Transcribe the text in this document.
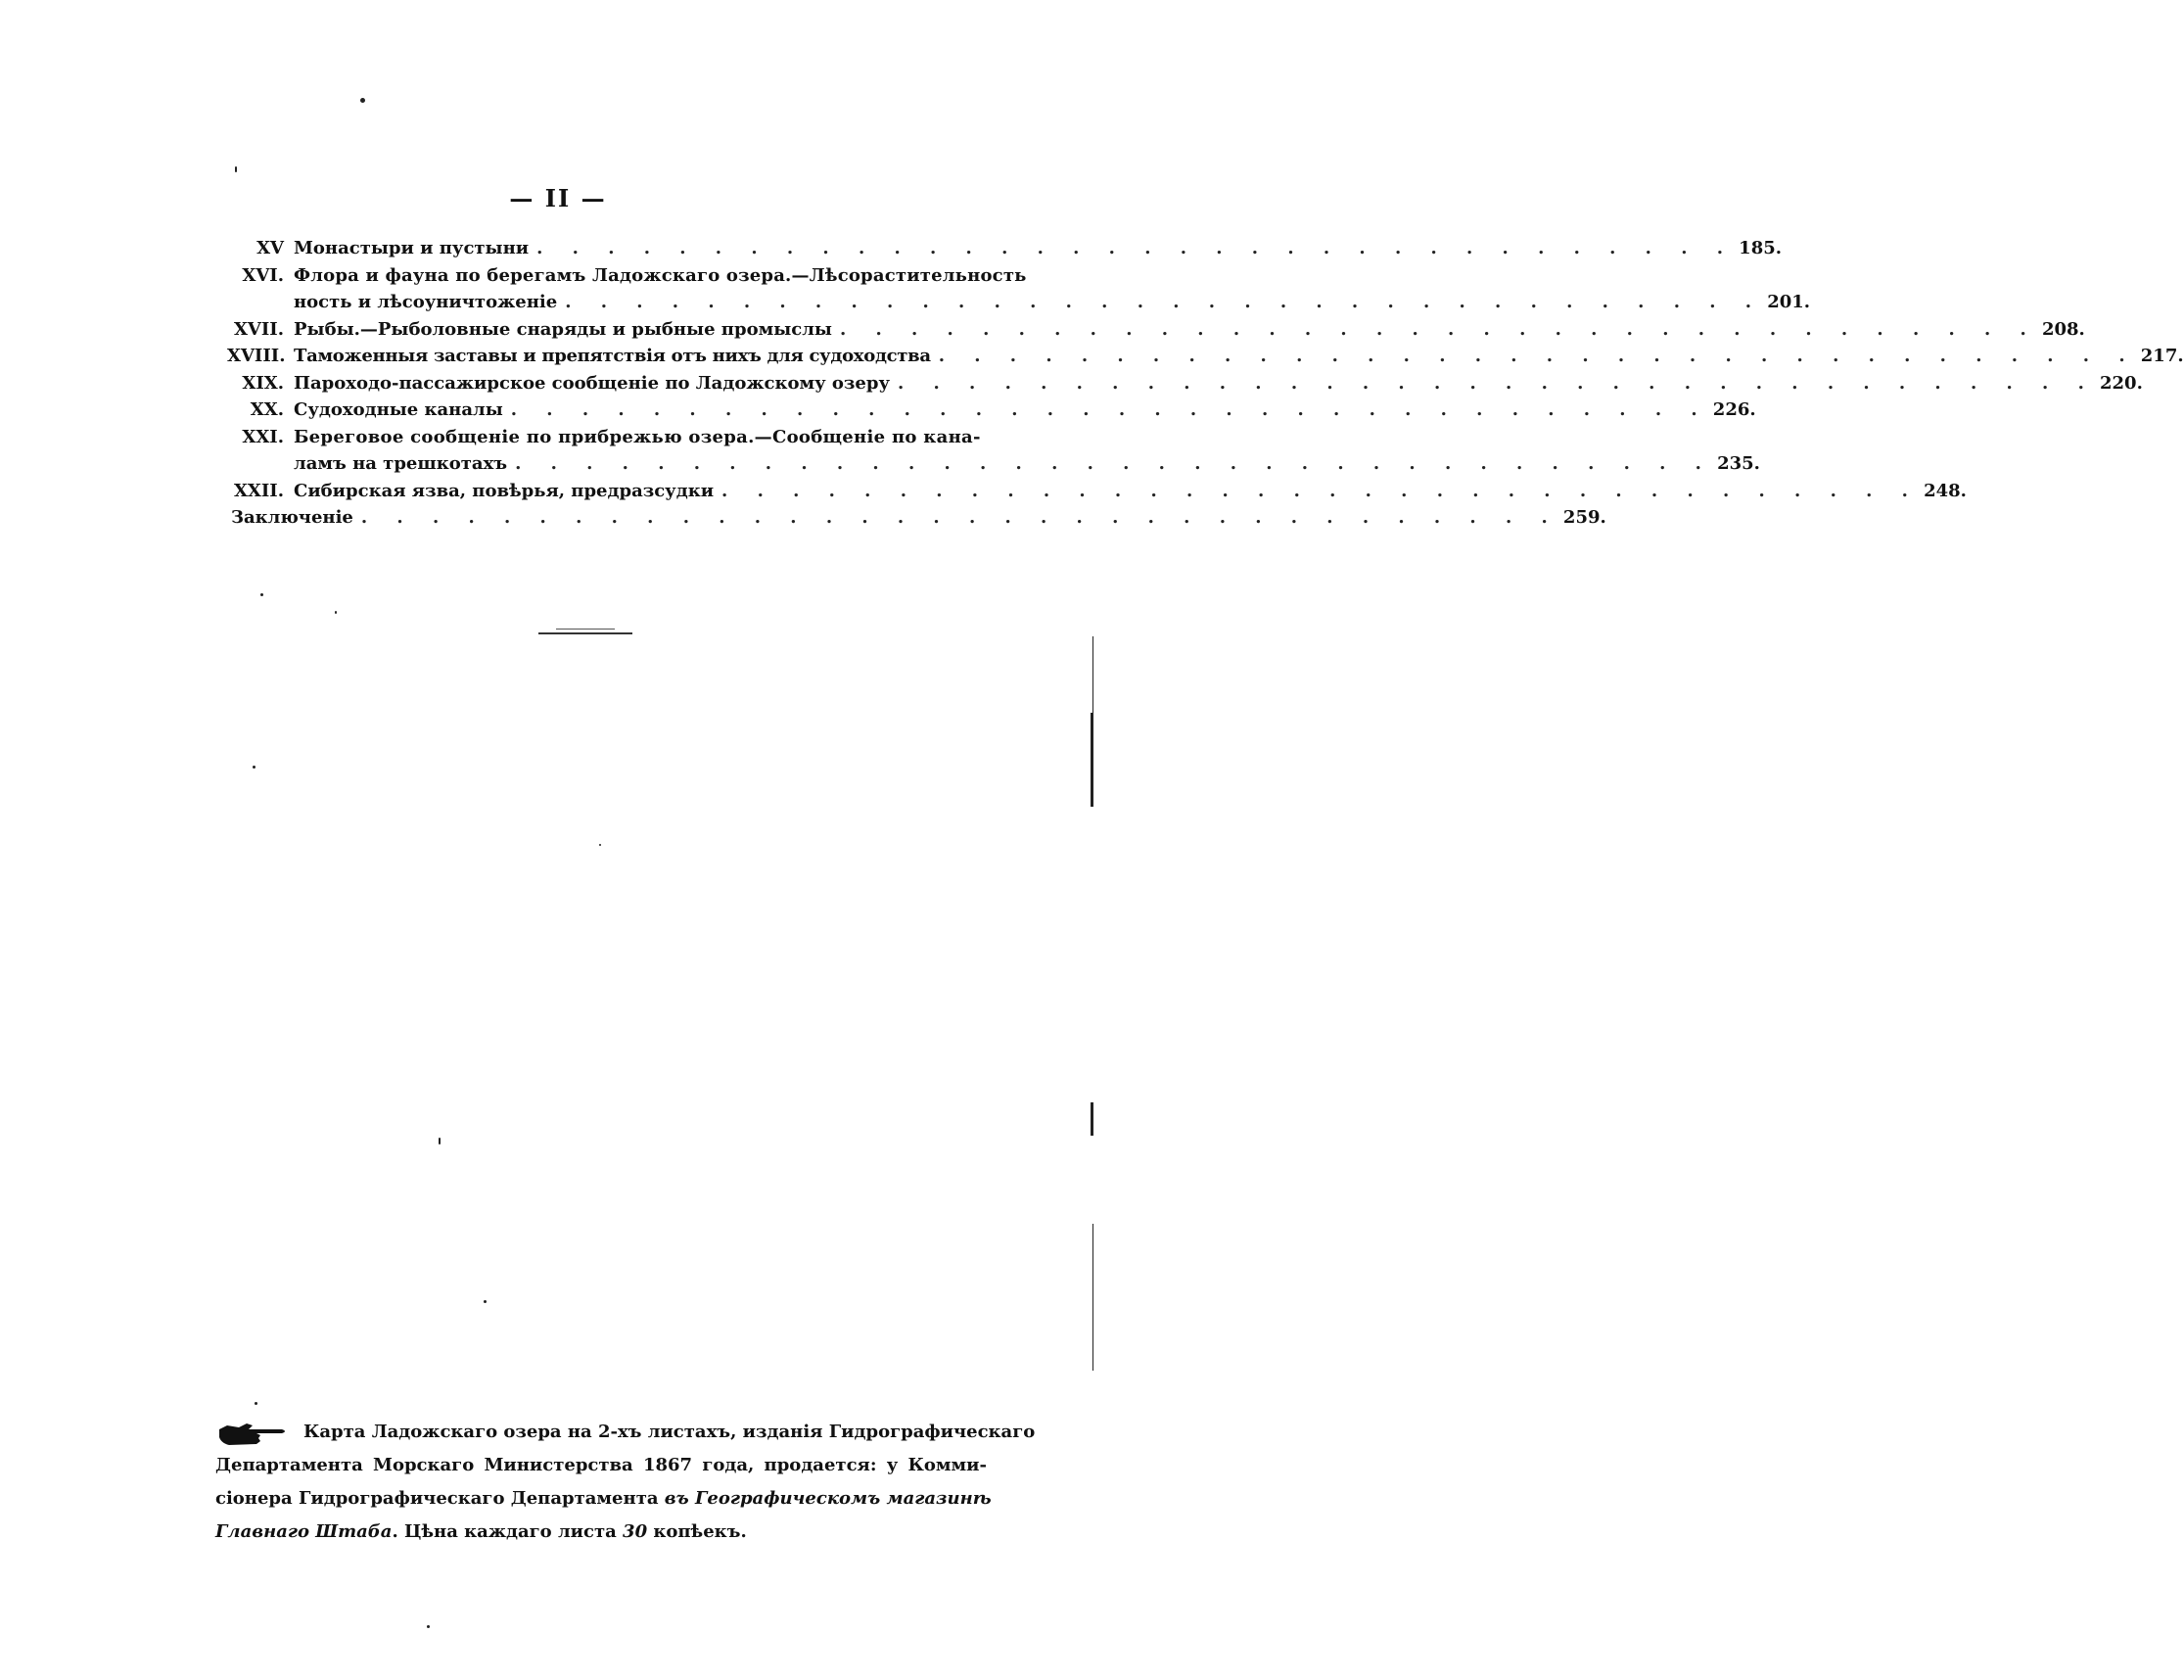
— II —
XV Монастыри и пустыни . . . . . . . . . . . . . . . . . . . . . . . . . . . . . . . . . . 185.
XVI. Флора и фауна по берегамъ Ладожскаго озера.—Лѣсорастительность
ность и лѣсоуничтоженіе . . . . . . . . . . . . . . . . . . . . . . . . . . . . . . . . . . 201.
XVII. Рыбы.—Рыболовные снаряды и рыбные промыслы . . . . . . . . . . . . . . . . . . . . . . . . . . . . . . . . . . 208.
XVIII. Таможенныя заставы и препятствія отъ нихъ для судоходства . . . . . . . . . . . . . . . . . . . . . . . . . . . . . . . . . . 217.
XIX. Пароходо-пассажирское сообщеніе по Ладожскому озеру . . . . . . . . . . . . . . . . . . . . . . . . . . . . . . . . . . 220.
XX. Судоходные каналы . . . . . . . . . . . . . . . . . . . . . . . . . . . . . . . . . . 226.
XXI. Береговое сообщеніе по прибрежью озера.—Сообщеніе по кана-
ламъ на трешкотахъ . . . . . . . . . . . . . . . . . . . . . . . . . . . . . . . . . . 235.
XXII. Сибирская язва, повѣрья, предразсудки . . . . . . . . . . . . . . . . . . . . . . . . . . . . . . . . . . 248.
Заключеніе . . . . . . . . . . . . . . . . . . . . . . . . . . . . . . . . . . 259.
Карта Ладожскаго озера на 2-хъ листахъ, изданія Гидрографическаго
Департамента Морскаго Министерства 1867 года, продается: у Комми-
сіонера Гидрографическаго Департамента въ Географическомъ магазинѣ
Главнаго Штаба. Цѣна каждаго листа 30 копѣекъ.
